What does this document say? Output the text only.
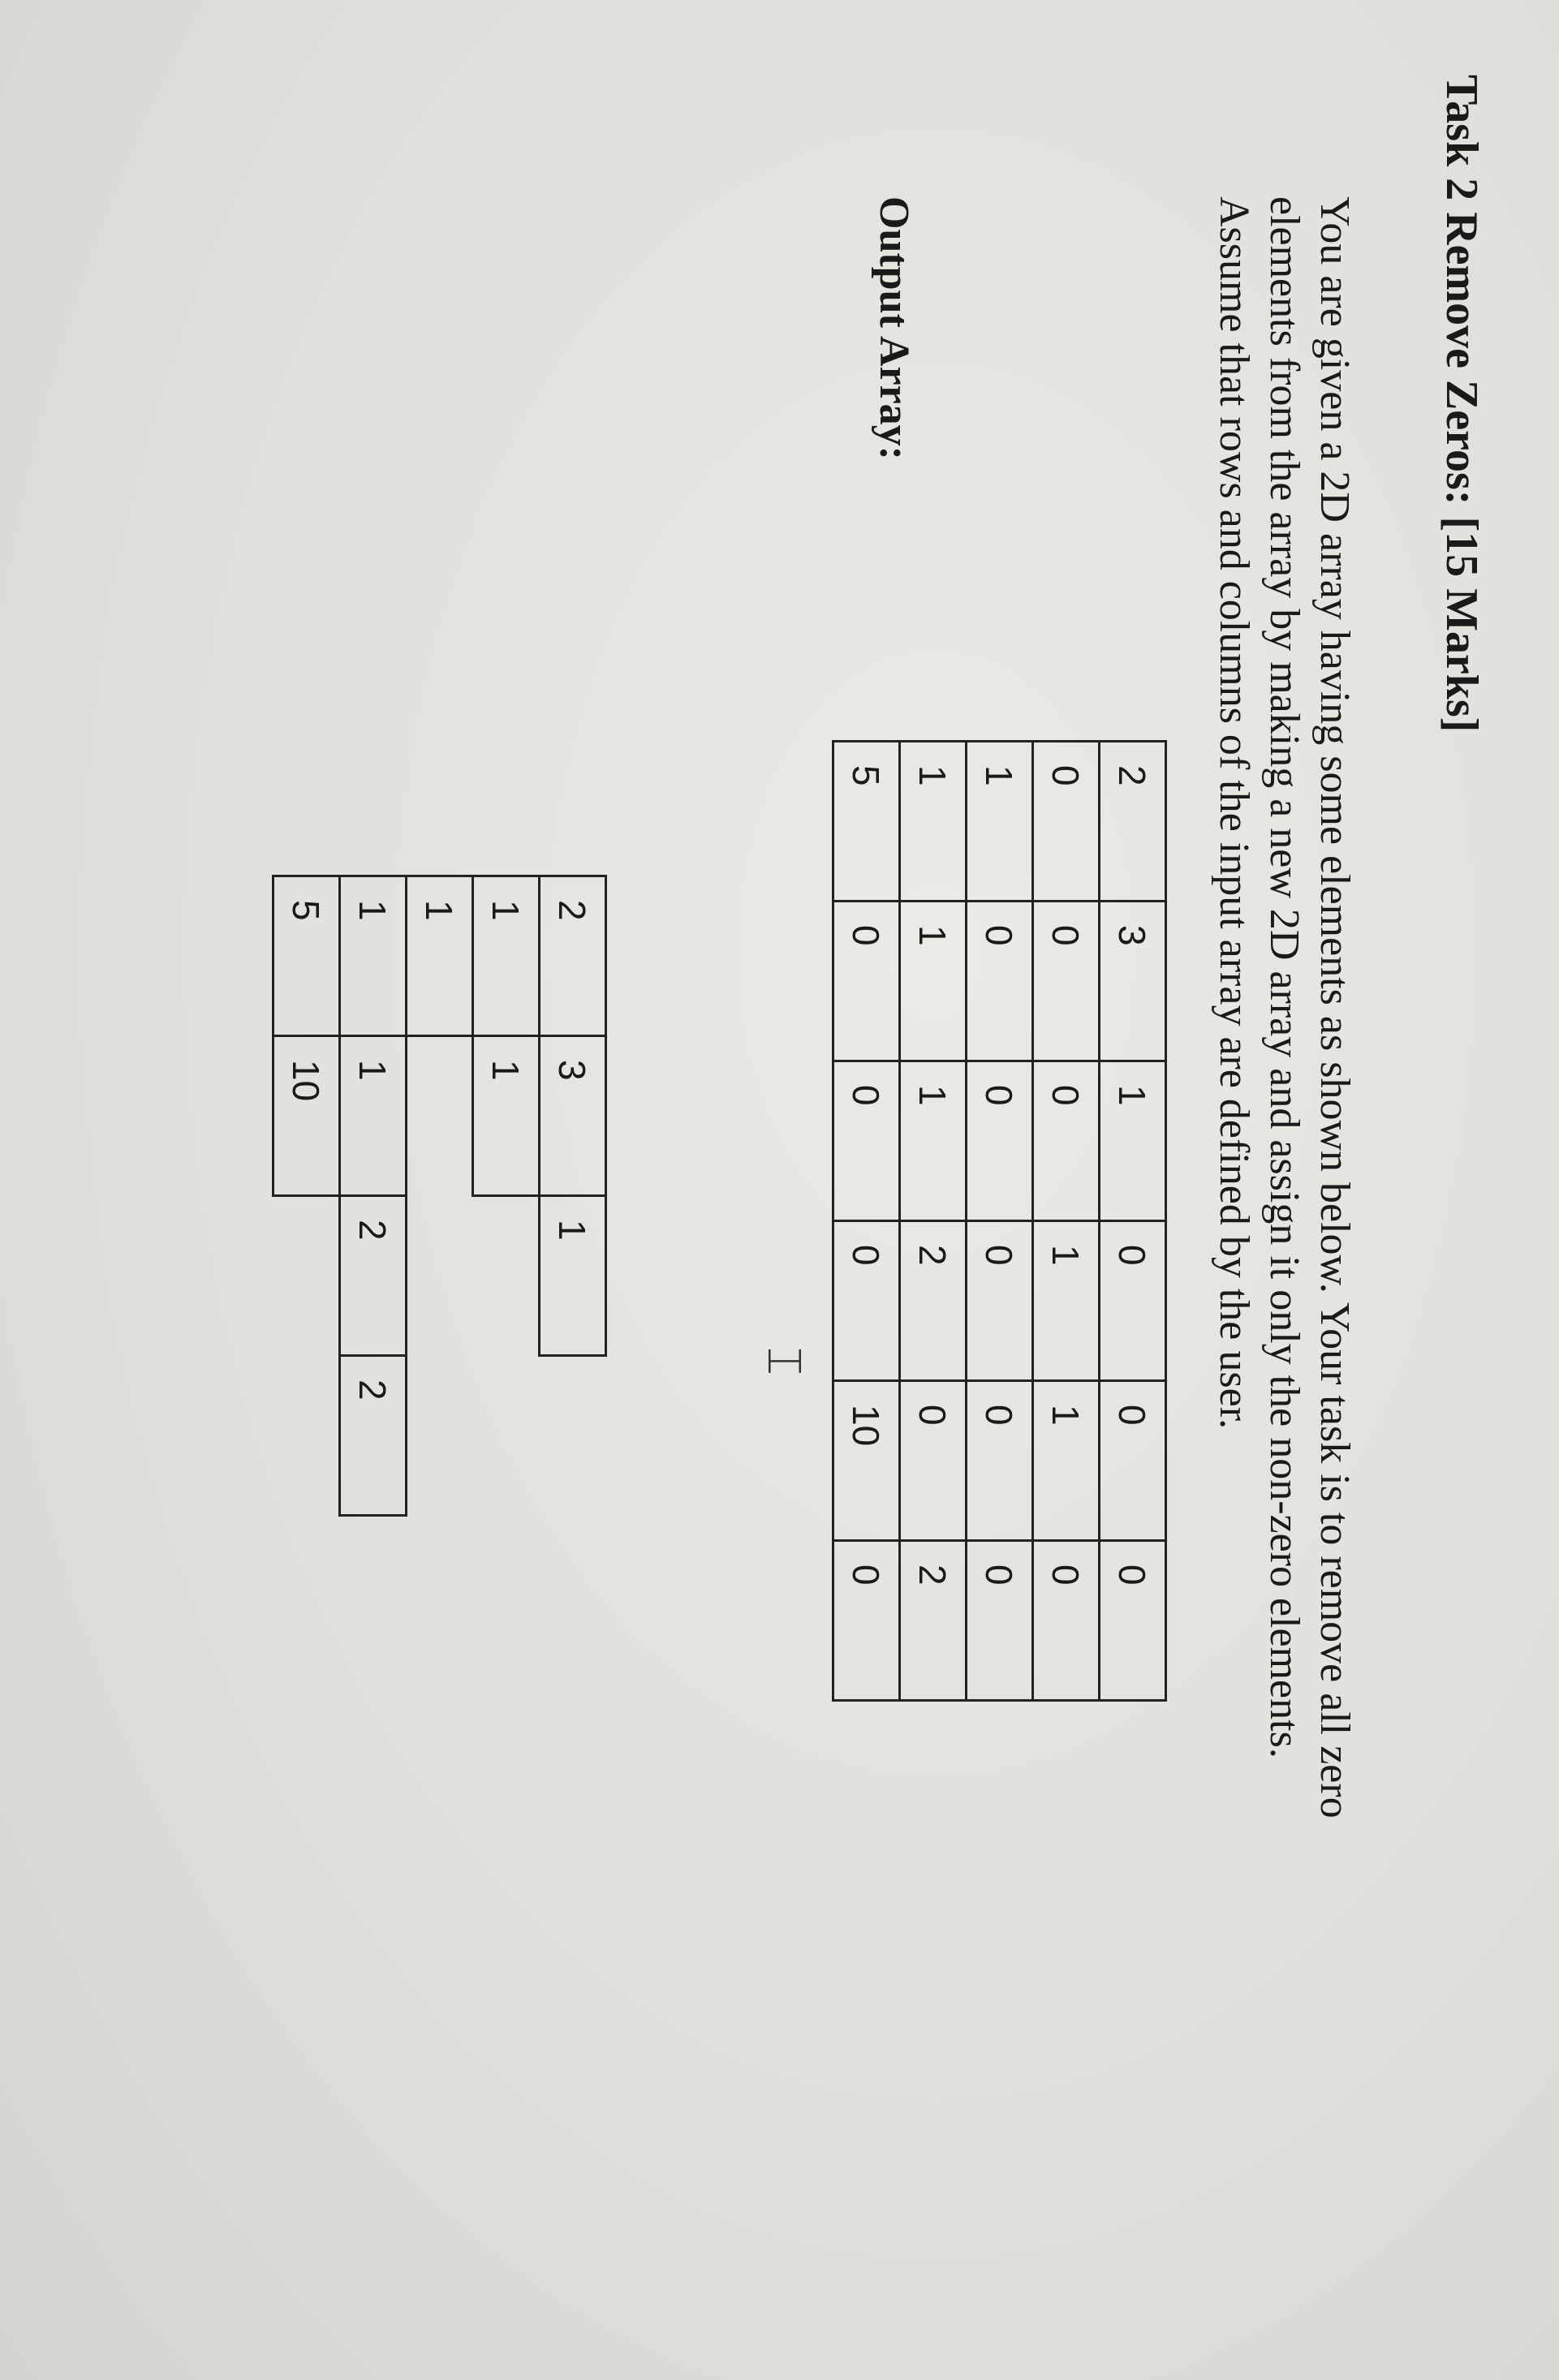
Task 2 Remove Zeros: [15 Marks]

You are given a 2D array having some elements as shown below. Your task is to remove all zero

elements from the array by making a new 2D array and assign it only the non-zero elements.

Assume that rows and columns of the input array are defined by the user.

2	3	1	0	0	0
0	0	0	1	1	0
1	0	0	0	0	0
1	1	1	2	0	2
5	0	0	0	10	0
Output Array:
2	3	1	
1	1		
1			
1	1	2	2
5	10		
⌶
